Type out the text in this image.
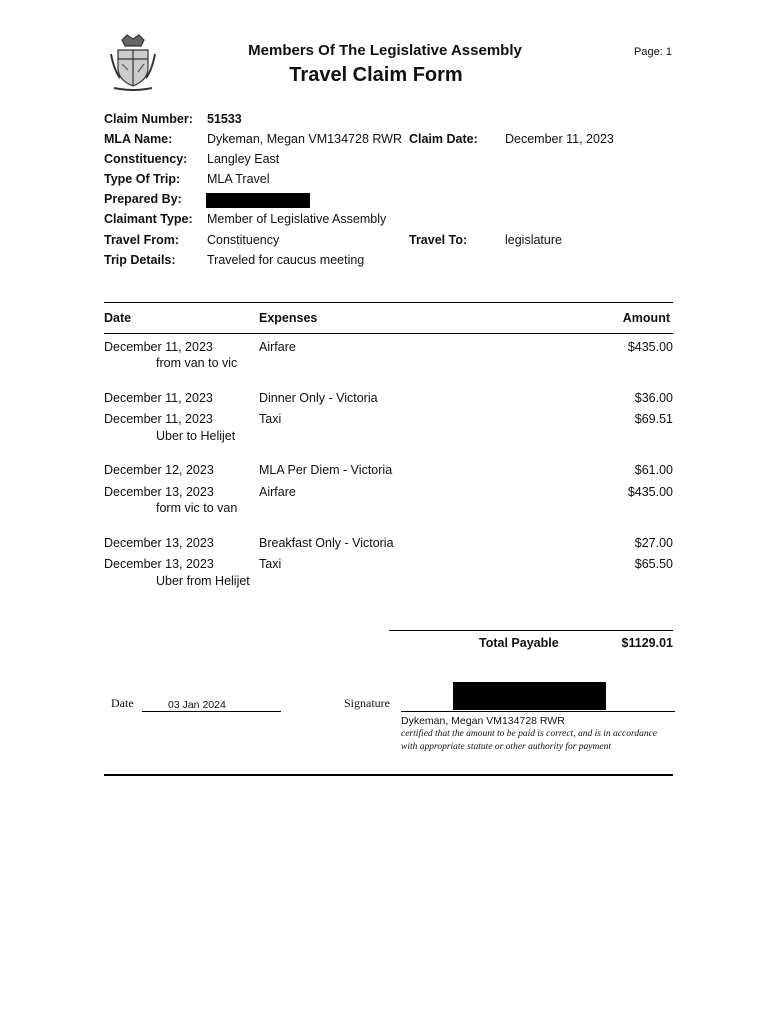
Members Of The Legislative Assembly
Travel Claim Form
Page: 1
Claim Number: 51533
MLA Name:	Dykeman, Megan VM134728 RWR Claim Date: December 11, 2023
Constituency: Langley East
Type Of Trip: MLA Travel
Prepared By:
Claimant Type: Member of Legislative Assembly
Travel From: Constituency	Travel To:	legislature
Trip Details:	Traveled for caucus meeting
Date	Expenses	Amount
December 11, 2023	Airfare	$435.00
from van to vic
December 11, 2023	Dinner Only - Victoria	$36.00
December 11, 2023	Taxi	$69.51
Uber to Helijet
December 12, 2023	MLA Per Diem - Victoria	$61.00
December 13, 2023	Airfare	$435.00
form vic to van
December 13, 2023	Breakfast Only - Victoria	$27.00
December 13, 2023	Taxi	$65.50
Uber from Helijet
Total Payable	$1129.01
Date	03 Jan 2024	Signature
Dykeman, Megan VM134728 RWR
certified that the amount to be paid is correct, and is in accordance
with appropriate statute or other authority for payment
